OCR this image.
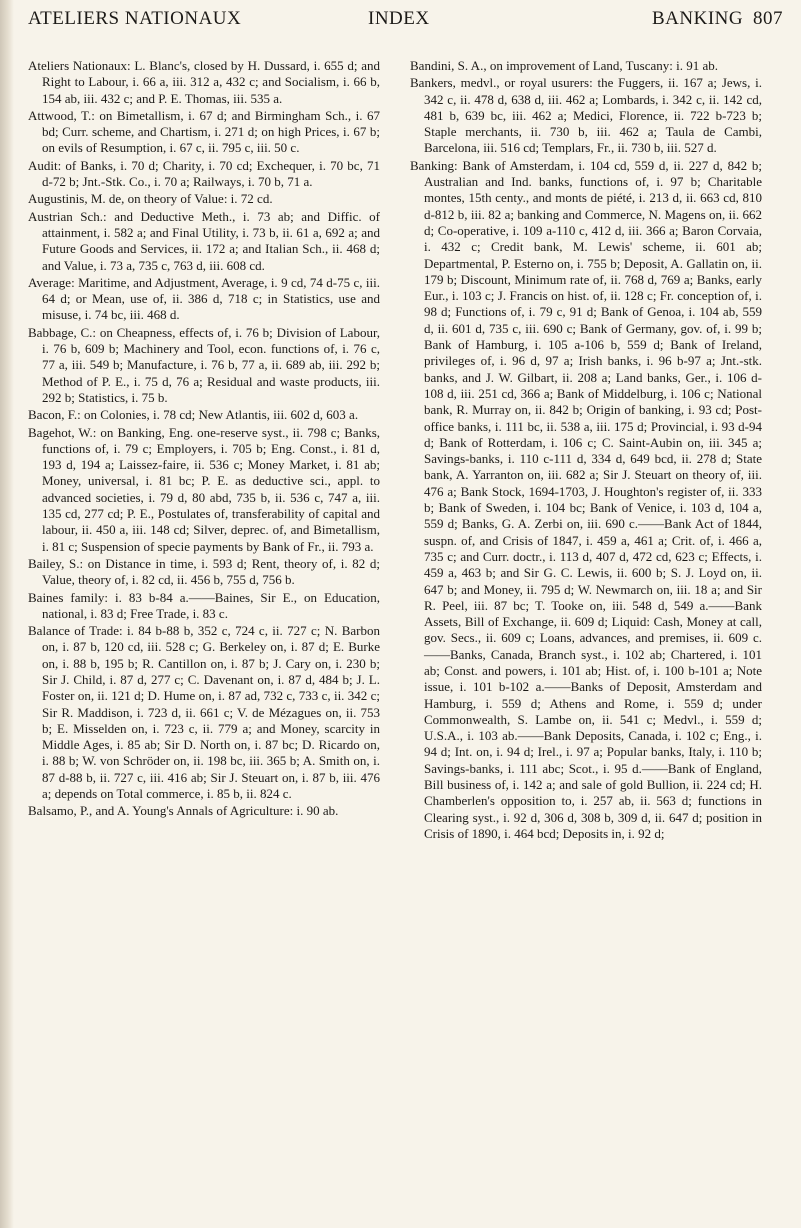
ATELIERS NATIONAUX	INDEX	BANKING 807

Ateliers Nationaux: L. Blanc's, closed by H. Dussard, i. 655 d; and Right to Labour, i. 66 a, iii. 312 a, 432 c; and Socialism, i. 66 b, 154 ab, iii. 432 c; and P. E. Thomas, iii. 535 a.

Attwood, T.: on Bimetallism, i. 67 d; and Birmingham Sch., i. 67 bd; Curr. scheme, and Chartism, i. 271 d; on high Prices, i. 67 b; on evils of Resumption, i. 67 c, ii. 795 c, iii. 50 c.

Audit: of Banks, i. 70 d; Charity, i. 70 cd; Exchequer, i. 70 bc, 71 d-72 b; Jnt.-Stk. Co., i. 70 a; Railways, i. 70 b, 71 a.

Augustinis, M. de, on theory of Value: i. 72 cd.

Austrian Sch.: and Deductive Meth., i. 73 ab; and Diffic. of attainment, i. 582 a; and Final Utility, i. 73 b, ii. 61 a, 692 a; and Future Goods and Services, ii. 172 a; and Italian Sch., ii. 468 d; and Value, i. 73 a, 735 c, 763 d, iii. 608 cd.

Average: Maritime, and Adjustment, Average, i. 9 cd, 74 d-75 c, iii. 64 d; or Mean, use of, ii. 386 d, 718 c; in Statistics, use and misuse, i. 74 bc, iii. 468 d.

Babbage, C.: on Cheapness, effects of, i. 76 b; Division of Labour, i. 76 b, 609 b; Machinery and Tool, econ. functions of, i. 76 c, 77 a, iii. 549 b; Manufacture, i. 76 b, 77 a, ii. 689 ab, iii. 292 b; Method of P. E., i. 75 d, 76 a; Residual and waste products, iii. 292 b; Statistics, i. 75 b.

Bacon, F.: on Colonies, i. 78 cd; New Atlantis, iii. 602 d, 603 a.

Bagehot, W.: on Banking, Eng. one-reserve syst., ii. 798 c; Banks, functions of, i. 79 c; Employers, i. 705 b; Eng. Const., i. 81 d, 193 d, 194 a; Laissez-faire, ii. 536 c; Money Market, i. 81 ab; Money, universal, i. 81 bc; P. E. as deductive sci., appl. to advanced societies, i. 79 d, 80 abd, 735 b, ii. 536 c, 747 a, iii. 135 cd, 277 cd; P. E., Postulates of, transferability of capital and labour, ii. 450 a, iii. 148 cd; Silver, deprec. of, and Bimetallism, i. 81 c; Suspension of specie payments by Bank of Fr., ii. 793 a.

Bailey, S.: on Distance in time, i. 593 d; Rent, theory of, i. 82 d; Value, theory of, i. 82 cd, ii. 456 b, 755 d, 756 b.

Baines family: i. 83 b-84 a.——Baines, Sir E., on Education, national, i. 83 d; Free Trade, i. 83 c.

Balance of Trade: i. 84 b-88 b, 352 c, 724 c, ii. 727 c; N. Barbon on, i. 87 b, 120 cd, iii. 528 c; G. Berkeley on, i. 87 d; E. Burke on, i. 88 b, 195 b; R. Cantillon on, i. 87 b; J. Cary on, i. 230 b; Sir J. Child, i. 87 d, 277 c; C. Davenant on, i. 87 d, 484 b; J. L. Foster on, ii. 121 d; D. Hume on, i. 87 ad, 732 c, 733 c, ii. 342 c; Sir R. Maddison, i. 723 d, ii. 661 c; V. de Mézagues on, ii. 753 b; E. Misselden on, i. 723 c, ii. 779 a; and Money, scarcity in Middle Ages, i. 85 ab; Sir D. North on, i. 87 bc; D. Ricardo on, i. 88 b; W. von Schröder on, ii. 198 bc, iii. 365 b; A. Smith on, i. 87 d-88 b, ii. 727 c, iii. 416 ab; Sir J. Steuart on, i. 87 b, iii. 476 a; depends on Total commerce, i. 85 b, ii. 824 c.

Balsamo, P., and A. Young's Annals of Agriculture: i. 90 ab.

Bandini, S. A., on improvement of Land, Tuscany: i. 91 ab.

Bankers, medvl., or royal usurers: the Fuggers, ii. 167 a; Jews, i. 342 c, ii. 478 d, 638 d, iii. 462 a; Lombards, i. 342 c, ii. 142 cd, 481 b, 639 bc, iii. 462 a; Medici, Florence, ii. 722 b-723 b; Staple merchants, ii. 730 b, iii. 462 a; Taula de Cambi, Barcelona, iii. 516 cd; Templars, Fr., ii. 730 b, iii. 527 d.

Banking: Bank of Amsterdam, i. 104 cd, 559 d, ii. 227 d, 842 b; Australian and Ind. banks, functions of, i. 97 b; Charitable montes, 15th centy., and monts de piété, i. 213 d, ii. 663 cd, 810 d-812 b, iii. 82 a; banking and Commerce, N. Magens on, ii. 662 d; Co-operative, i. 109 a-110 c, 412 d, iii. 366 a; Baron Corvaia, i. 432 c; Credit bank, M. Lewis' scheme, ii. 601 ab; Departmental, P. Esterno on, i. 755 b; Deposit, A. Gallatin on, ii. 179 b; Discount, Minimum rate of, ii. 768 d, 769 a; Banks, early Eur., i. 103 c; J. Francis on hist. of, ii. 128 c; Fr. conception of, i. 98 d; Functions of, i. 79 c, 91 d; Bank of Genoa, i. 104 ab, 559 d, ii. 601 d, 735 c, iii. 690 c; Bank of Germany, gov. of, i. 99 b; Bank of Hamburg, i. 105 a-106 b, 559 d; Bank of Ireland, privileges of, i. 96 d, 97 a; Irish banks, i. 96 b-97 a; Jnt.-stk. banks, and J. W. Gilbart, ii. 208 a; Land banks, Ger., i. 106 d-108 d, iii. 251 cd, 366 a; Bank of Middelburg, i. 106 c; National bank, R. Murray on, ii. 842 b; Origin of banking, i. 93 cd; Post-office banks, i. 111 bc, ii. 538 a, iii. 175 d; Provincial, i. 93 d-94 d; Bank of Rotterdam, i. 106 c; C. Saint-Aubin on, iii. 345 a; Savings-banks, i. 110 c-111 d, 334 d, 649 bcd, ii. 278 d; State bank, A. Yarranton on, iii. 682 a; Sir J. Steuart on theory of, iii. 476 a; Bank Stock, 1694-1703, J. Houghton's register of, ii. 333 b; Bank of Sweden, i. 104 bc; Bank of Venice, i. 103 d, 104 a, 559 d; Banks, G. A. Zerbi on, iii. 690 c.——Bank Act of 1844, suspn. of, and Crisis of 1847, i. 459 a, 461 a; Crit. of, i. 466 a, 735 c; and Curr. doctr., i. 113 d, 407 d, 472 cd, 623 c; Effects, i. 459 a, 463 b; and Sir G. C. Lewis, ii. 600 b; S. J. Loyd on, ii. 647 b; and Money, ii. 795 d; W. Newmarch on, iii. 18 a; and Sir R. Peel, iii. 87 bc; T. Tooke on, iii. 548 d, 549 a.——Bank Assets, Bill of Exchange, ii. 609 d; Liquid: Cash, Money at call, gov. Secs., ii. 609 c; Loans, advances, and premises, ii. 609 c.——Banks, Canada, Branch syst., i. 102 ab; Chartered, i. 101 ab; Const. and powers, i. 101 ab; Hist. of, i. 100 b-101 a; Note issue, i. 101 b-102 a.——Banks of Deposit, Amsterdam and Hamburg, i. 559 d; Athens and Rome, i. 559 d; under Commonwealth, S. Lambe on, ii. 541 c; Medvl., i. 559 d; U.S.A., i. 103 ab.——Bank Deposits, Canada, i. 102 c; Eng., i. 94 d; Int. on, i. 94 d; Irel., i. 97 a; Popular banks, Italy, i. 110 b; Savings-banks, i. 111 abc; Scot., i. 95 d.——Bank of England, Bill business of, i. 142 a; and sale of gold Bullion, ii. 224 cd; H. Chamberlen's opposition to, i. 257 ab, ii. 563 d; functions in Clearing syst., i. 92 d, 306 d, 308 b, 309 d, ii. 647 d; position in Crisis of 1890, i. 464 bcd; Deposits in, i. 92 d;
